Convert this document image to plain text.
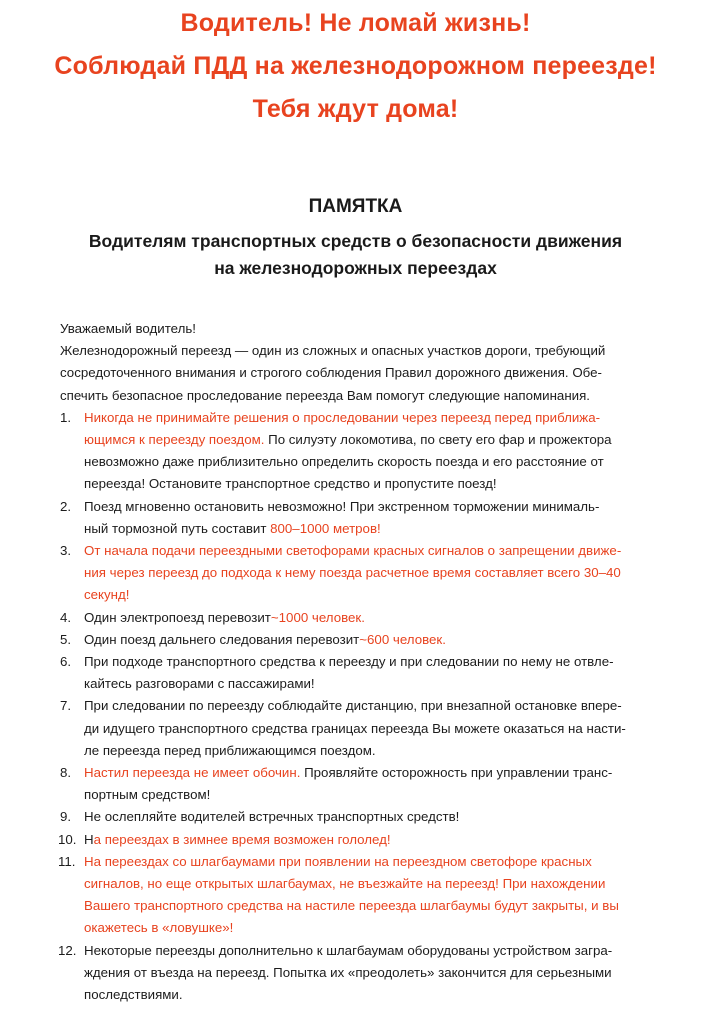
Водитель! Не ломай жизнь!
Соблюдай ПДД на железнодорожном переезде!
Тебя ждут дома!
ПАМЯТКА
Водителям транспортных средств о безопасности движения
на железнодорожных переездах
Уважаемый водитель!
Железнодорожный переезд — один из сложных и опасных участков дороги, требующий
сосредоточенного внимания и строгого соблюдения Правил дорожного движения. Обе-
спечить безопасное проследование переезда Вам помогут следующие напоминания.
1. Никогда не принимайте решения о проследовании через переезд перед приближа-
ющимся к переезду поездом. По силуэту локомотива, по свету его фар и прожектора
невозможно даже приблизительно определить скорость поезда и его расстояние от
переезда! Остановите транспортное средство и пропустите поезд!
2. Поезд мгновенно остановить невозможно! При экстренном торможении минималь-
ный тормозной путь составит 800–1000 метров!
3. От начала подачи переездными светофорами красных сигналов о запрещении движе-
ния через переезд до подхода к нему поезда расчетное время составляет всего 30–40
секунд!
4. Один электропоезд перевозит~1000 человек.
5. Один поезд дальнего следования перевозит~600 человек.
6. При подходе транспортного средства к переезду и при следовании по нему не отвле-
кайтесь разговорами с пассажирами!
7. При следовании по переезду соблюдайте дистанцию, при внезапной остановке впере-
ди идущего транспортного средства границах переезда Вы можете оказаться на насти-
ле переезда перед приближающимся поездом.
8. Настил переезда не имеет обочин. Проявляйте осторожность при управлении транс-
портным средством!
9. Не ослепляйте водителей встречных транспортных средств!
10. На переездах в зимнее время возможен гололед!
11. На переездах со шлагбаумами при появлении на переездном светофоре красных
сигналов, но еще открытых шлагбаумах, не въезжайте на переезд! При нахождении
Вашего транспортного средства на настиле переезда шлагбаумы будут закрыты, и вы
окажетесь в «ловушке»!
12. Некоторые переезды дополнительно к шлагбаумам оборудованы устройством загра-
ждения от въезда на переезд. Попытка их «преодолеть» закончится для серьезными
последствиями.
